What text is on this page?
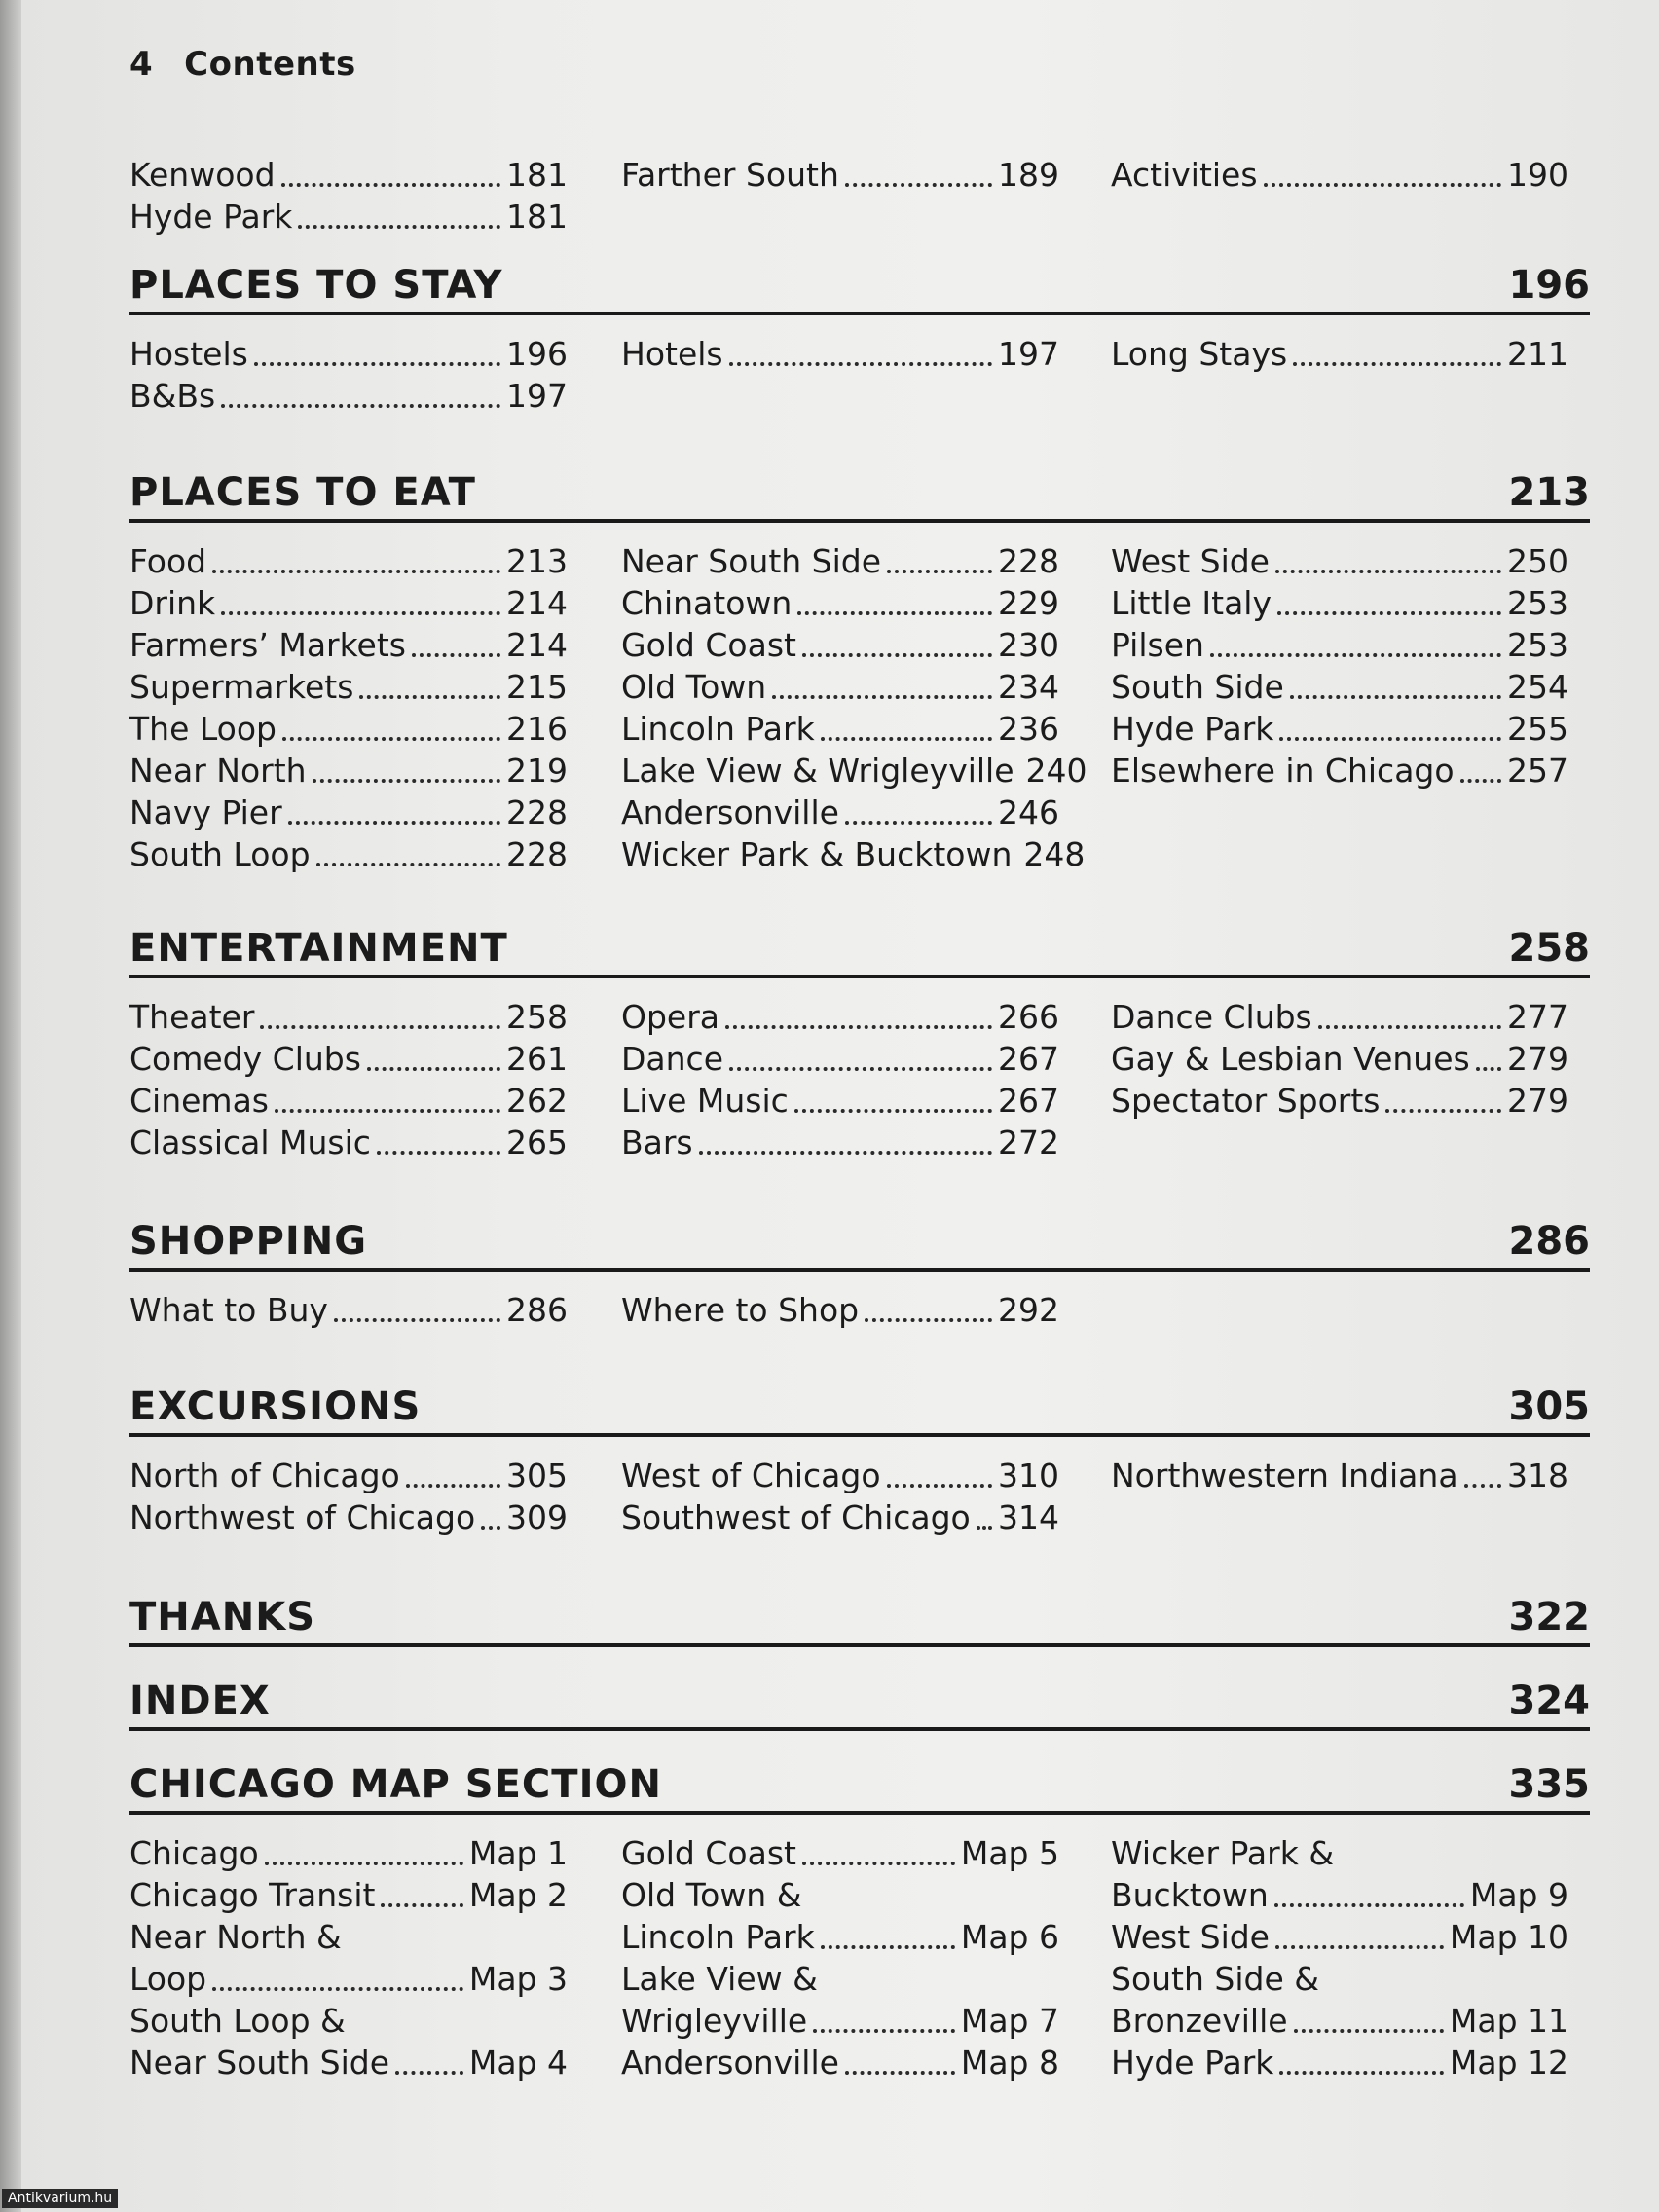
4 Contents
Kenwood	181
Hyde Park	181
Farther South	189 Activities	190
PLACES TO STAY	196
Hostels	196
B&Bs	197
Hotels	197 Long Stays	211
PLACES TO EAT	213
Food	213
Drink	214
Farmers’ Markets	214
Supermarkets	215
The Loop	216
Near North	219
Navy Pier	228
South Loop	228
Near South Side	228
Chinatown	229
Gold Coast	230
Old Town	234
Lincoln Park	236
Lake View & Wrigleyville 240
Andersonville	246
Wicker Park & Bucktown 248
West Side	250
Little Italy	253
Pilsen	253
South Side	254
Hyde Park	255
Elsewhere in Chicago 257
ENTERTAINMENT	258
Theater	258
Comedy Clubs	261
Cinemas	262
Classical Music	265
Opera	266
Dance	267
Live Music	267
Bars	272
Dance Clubs	277
Gay & Lesbian Venues 279
Spectator Sports	279
SHOPPING	286
What to Buy	286 Where to Shop	292
EXCURSIONS	305
North of Chicago	305
Northwest of Chicago 309
West of Chicago	310
Southwest of Chicago 314
Northwestern Indiana 318
THANKS	322
INDEX	324
CHICAGO MAP SECTION	335
Chicago	Map 1
Chicago Transit	Map 2
Near North &
Loop	Map 3
South Loop &
Near South Side Map 4
Gold Coast	Map 5
Old Town &
Lincoln Park	Map 6
Lake View &
Wrigleyville	Map 7
Andersonville	Map 8
Wicker Park &
Bucktown	Map 9
West Side	Map 10
South Side &
Bronzeville	Map 11
Hyde Park	Map 12
Antikvarium.hu
